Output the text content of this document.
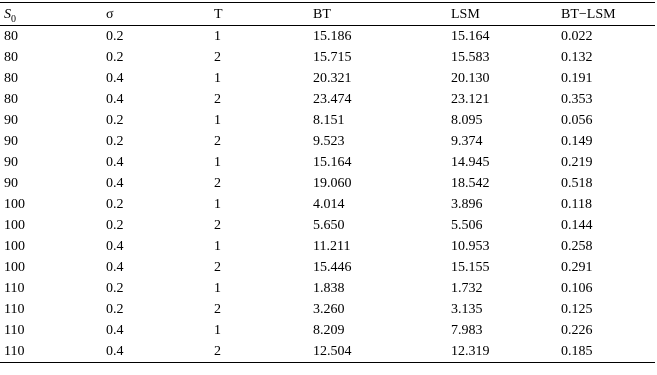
$S_0$	σ	T	BT	LSM	BT−LSM
80	0.2	1	15.186	15.164	0.022
80	0.2	2	15.715	15.583	0.132
80	0.4	1	20.321	20.130	0.191
80	0.4	2	23.474	23.121	0.353
90	0.2	1	8.151	8.095	0.056
90	0.2	2	9.523	9.374	0.149
90	0.4	1	15.164	14.945	0.219
90	0.4	2	19.060	18.542	0.518
100	0.2	1	4.014	3.896	0.118
100	0.2	2	5.650	5.506	0.144
100	0.4	1	11.211	10.953	0.258
100	0.4	2	15.446	15.155	0.291
110	0.2	1	1.838	1.732	0.106
110	0.2	2	3.260	3.135	0.125
110	0.4	1	8.209	7.983	0.226
110	0.4	2	12.504	12.319	0.185
